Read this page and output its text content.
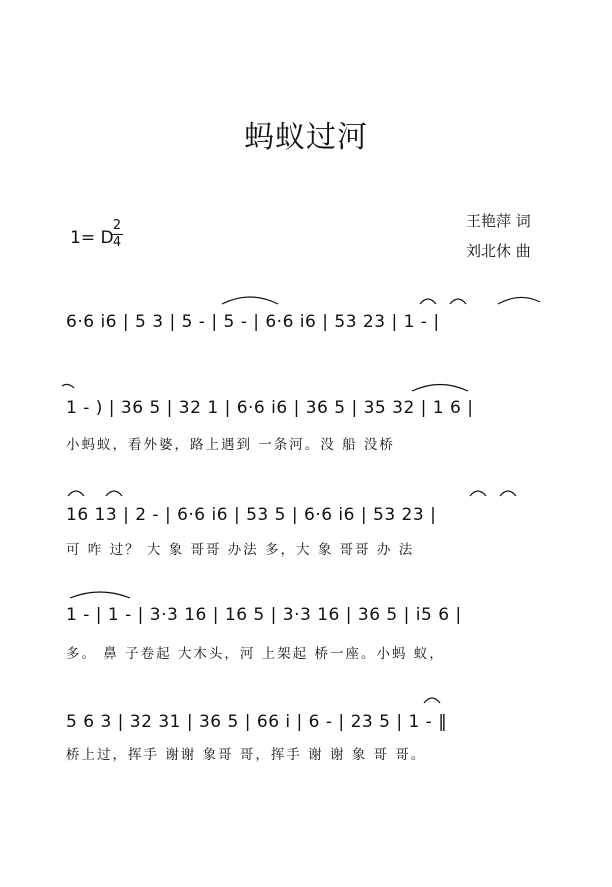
蚂蚁过河
1= D
2
4
王艳萍 词
刘北休 曲
6·6 i6 | 5 3 | 5 - | 5 - | 6·6 i6 | 53 23 | 1 - |
1 - ) | 36 5 | 32 1 | 6·6 i6 | 36 5 | 35 32 | 1 6 |
小蚂蚁，看外婆，路上遇到 一条河。没 船 没桥
16 13 | 2 - | 6·6 i6 | 53 5 | 6·6 i6 | 53 23 |
可 咋 过？ 大 象 哥哥 办法 多，大 象 哥哥 办 法
1 - | 1 - | 3·3 16 | 16 5 | 3·3 16 | 36 5 | i5 6 |
多。 鼻 子卷起 大木头，河 上架起 桥一座。小蚂 蚁，
5 6 3 | 32 31 | 36 5 | 66 i | 6 - | 23 5 | 1 - ‖
桥上过，挥手 谢谢 象哥 哥，挥手 谢 谢 象 哥 哥。
